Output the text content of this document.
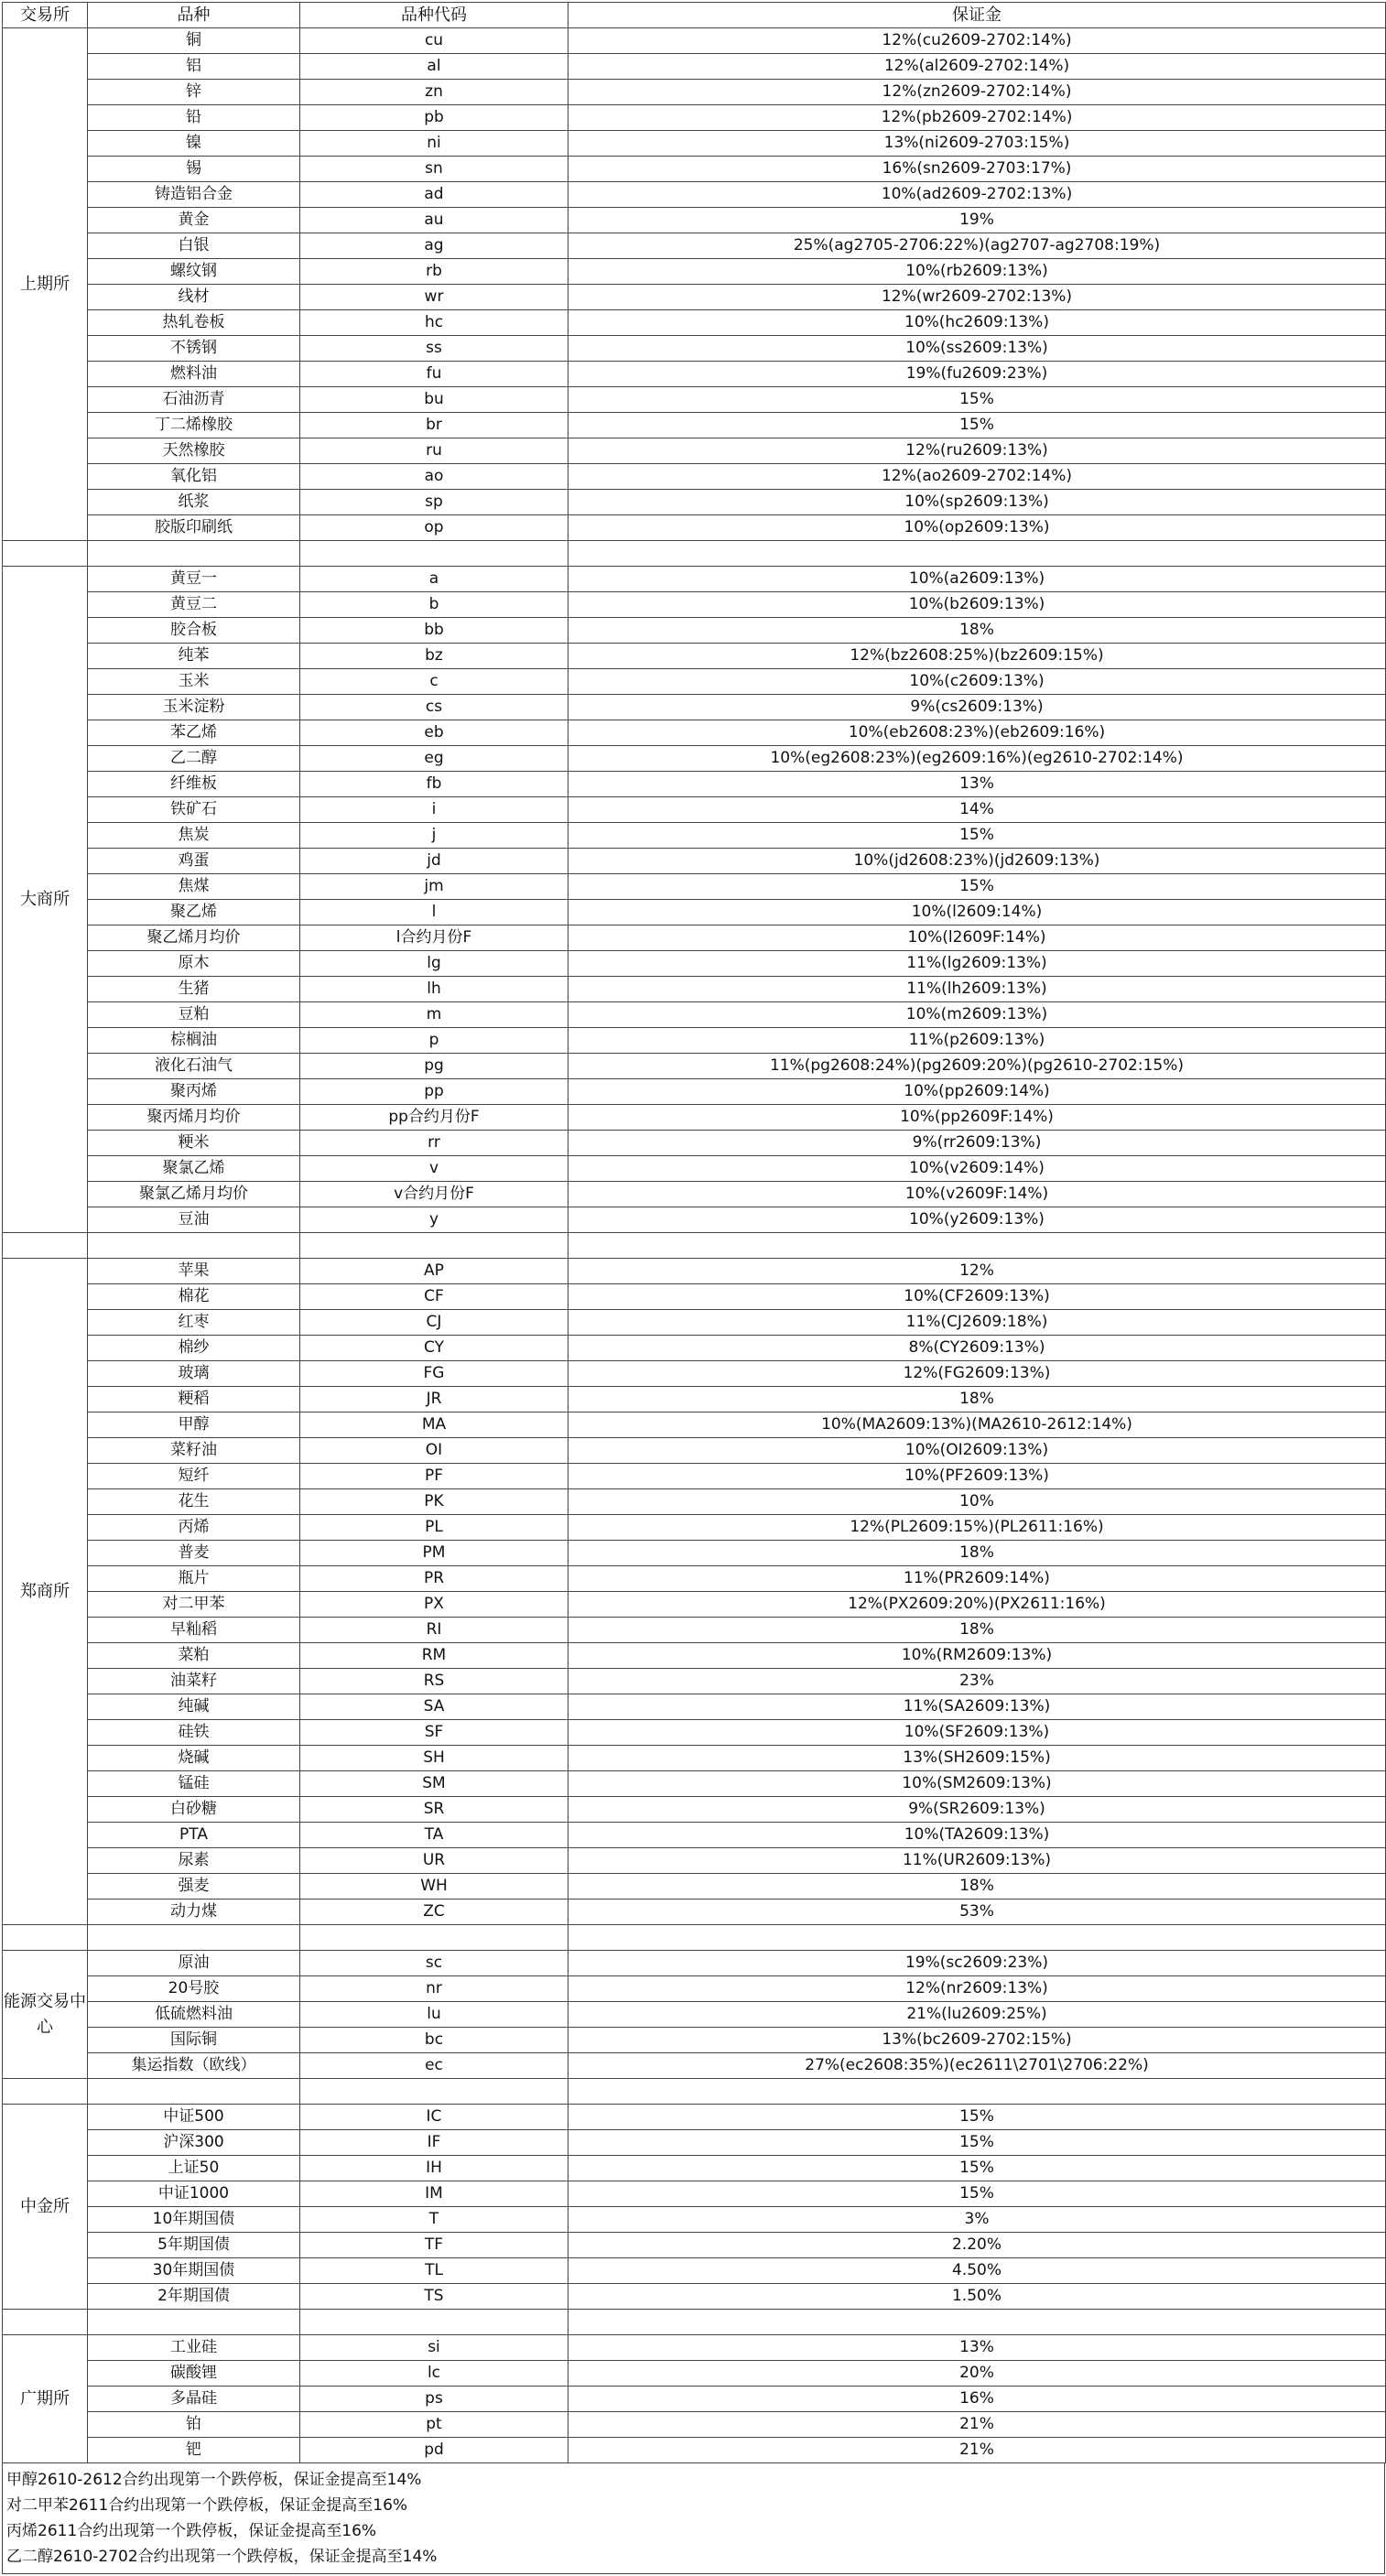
交易所	品种	品种代码	保证金
上期所	铜	cu	12%(cu2609-2702:14%)
	铝	al	12%(al2609-2702:14%)
	锌	zn	12%(zn2609-2702:14%)
	铅	pb	12%(pb2609-2702:14%)
	镍	ni	13%(ni2609-2703:15%)
	锡	sn	16%(sn2609-2703:17%)
	铸造铝合金	ad	10%(ad2609-2702:13%)
	黄金	au	19%
	白银	ag	25%(ag2705-2706:22%)(ag2707-ag2708:19%)
	螺纹钢	rb	10%(rb2609:13%)
	线材	wr	12%(wr2609-2702:13%)
	热轧卷板	hc	10%(hc2609:13%)
	不锈钢	ss	10%(ss2609:13%)
	燃料油	fu	19%(fu2609:23%)
	石油沥青	bu	15%
	丁二烯橡胶	br	15%
	天然橡胶	ru	12%(ru2609:13%)
	氧化铝	ao	12%(ao2609-2702:14%)
	纸浆	sp	10%(sp2609:13%)
	胶版印刷纸	op	10%(op2609:13%)

大商所	黄豆一	a	10%(a2609:13%)
	黄豆二	b	10%(b2609:13%)
	胶合板	bb	18%
	纯苯	bz	12%(bz2608:25%)(bz2609:15%)
	玉米	c	10%(c2609:13%)
	玉米淀粉	cs	9%(cs2609:13%)
	苯乙烯	eb	10%(eb2608:23%)(eb2609:16%)
	乙二醇	eg	10%(eg2608:23%)(eg2609:16%)(eg2610-2702:14%)
	纤维板	fb	13%
	铁矿石	i	14%
	焦炭	j	15%
	鸡蛋	jd	10%(jd2608:23%)(jd2609:13%)
	焦煤	jm	15%
	聚乙烯	l	10%(l2609:14%)
	聚乙烯月均价	l合约月份F	10%(l2609F:14%)
	原木	lg	11%(lg2609:13%)
	生猪	lh	11%(lh2609:13%)
	豆粕	m	10%(m2609:13%)
	棕榈油	p	11%(p2609:13%)
	液化石油气	pg	11%(pg2608:24%)(pg2609:20%)(pg2610-2702:15%)
	聚丙烯	pp	10%(pp2609:14%)
	聚丙烯月均价	pp合约月份F	10%(pp2609F:14%)
	粳米	rr	9%(rr2609:13%)
	聚氯乙烯	v	10%(v2609:14%)
	聚氯乙烯月均价	v合约月份F	10%(v2609F:14%)
	豆油	y	10%(y2609:13%)

郑商所	苹果	AP	12%
	棉花	CF	10%(CF2609:13%)
	红枣	CJ	11%(CJ2609:18%)
	棉纱	CY	8%(CY2609:13%)
	玻璃	FG	12%(FG2609:13%)
	粳稻	JR	18%
	甲醇	MA	10%(MA2609:13%)(MA2610-2612:14%)
	菜籽油	OI	10%(OI2609:13%)
	短纤	PF	10%(PF2609:13%)
	花生	PK	10%
	丙烯	PL	12%(PL2609:15%)(PL2611:16%)
	普麦	PM	18%
	瓶片	PR	11%(PR2609:14%)
	对二甲苯	PX	12%(PX2609:20%)(PX2611:16%)
	早籼稻	RI	18%
	菜粕	RM	10%(RM2609:13%)
	油菜籽	RS	23%
	纯碱	SA	11%(SA2609:13%)
	硅铁	SF	10%(SF2609:13%)
	烧碱	SH	13%(SH2609:15%)
	锰硅	SM	10%(SM2609:13%)
	白砂糖	SR	9%(SR2609:13%)
	PTA	TA	10%(TA2609:13%)
	尿素	UR	11%(UR2609:13%)
	强麦	WH	18%
	动力煤	ZC	53%

能源交易中心	原油	sc	19%(sc2609:23%)
	20号胶	nr	12%(nr2609:13%)
	低硫燃料油	lu	21%(lu2609:25%)
	国际铜	bc	13%(bc2609-2702:15%)
	集运指数（欧线）	ec	27%(ec2608:35%)(ec2611\2701\2706:22%)

中金所	中证500	IC	15%
	沪深300	IF	15%
	上证50	IH	15%
	中证1000	IM	15%
	10年期国债	T	3%
	5年期国债	TF	2.20%
	30年期国债	TL	4.50%
	2年期国债	TS	1.50%

广期所	工业硅	si	13%
	碳酸锂	lc	20%
	多晶硅	ps	16%
	铂	pt	21%
	钯	pd	21%
甲醇2610-2612合约出现第一个跌停板，保证金提高至14%
对二甲苯2611合约出现第一个跌停板，保证金提高至16%
丙烯2611合约出现第一个跌停板，保证金提高至16%
乙二醇2610-2702合约出现第一个跌停板，保证金提高至14%
